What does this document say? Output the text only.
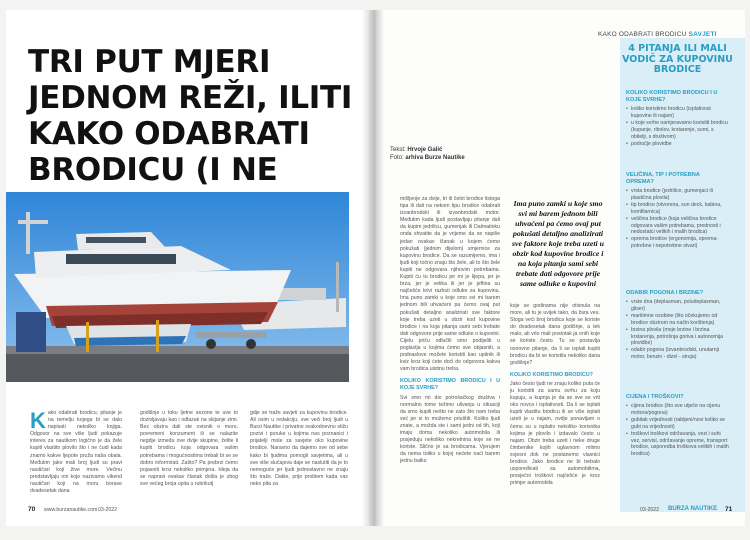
TRI PUT MJERI JEDNOM REŽI, ILITI KAKO ODABRATI BRODICU (I NE
Tekst: Hrvoje Galić
Foto: arhiva Burze Nautike

Kako odabrati brodicu, pitanje je na temelju kojega bi se dalo napisati nekoliko knjiga. Odgovor na sve više ljudi pokazuje interes za nautikom logično je da žele kupiti vlastito plovilo što i ne čudi kada znamo kakve ljepote pruža naša obala. Međutim jako mali broj ljudi su pravi nautičari koji žive more. Većinu predstavljaju oni koje nazivamo vikend nautičari koji na moru borave dvadesetak dana

godišnje u toku ljetne sezone te uve to dozivljavaju kao i odlazak na skijanje zimi. Bez obzira dali ste ovisnik o moru, povremeni konzument ili se nalazite negdje između ove dvije skupine, želite li kupiti brodicu koja odgovara vašim potrebama i mogućnostima trebali bi se se dobro informirati. Zašto? Pa prebrzi ćemo pojasniti kroz nekoliko primjera. Ideja da se napravi ovakav članak došla je zbog sve većeg broja upita u rubrikutj

gdje se traže savjeti za kupovinu brodice. Ali osim u redakciju, sve veći broj ljudi u Burzi Nautike i privatno svakodnevno stižu pozivi i poruke u kojima nas poznanici i prijatelji mole za savjete oko kupovine brodice. Naravno da dajemo sve od sebe kako bi ljudima pomogli savjetima, ali u sve više slučajeva daje se naslutiti da je to nemoguće jer ljudi jednostavno ne znaju što traže. Dakle, prije problem kada vas neko pita za

mišljenje za dvije, tri ili četiri brodice listoga tipa ili dali na nekom tipu brodice odabrati izvanbrodski ili izvanbrodski motor. Međutim kada ljudi postavljaju pitanje dali da kupim jedrilicu, gumenjak ili Dalmatinku onda shvatite da je vrijeme da se napiše jedan ovakav članak u kojem ćemo pokušati (jednim dijelom) smjernice za kupovinu brodice. Da se razumijemo, ima i ljudi koji točno znaju što žele, ali to što žele kupiti ne odgovara njihovim potrebama. Kupiti ću tu brodicu jer mi je lijepa, jer je brza, jer je velika ili jer je jeftina su najčešće krivi razlozi odluke za kupovinu. Ima puno zamki u koje smo svi mi barem jednom bili uhvaćeni pa ćemo ovaj put pokušati detaljno analizirati sve faktore koje treba uzeti u obzir kod kupovine brodice i na koja pitanja sami sebi trebate dati odgovore prije same odluke o kupovini. Cijelu priču odlučili smo podijeliti u poglavlja u kojima ćemo sve objasniti, a podnaslove možete koristiti kao upitnik ili kviz kroz koji ćete doći do odgovora kakva vam brodica uistinu treba.
KOLIKO KORISTIMO BRODICU I U KOJE SVRHE?
Svi smo mi dio potrošačkog društva i normalno tome težimo ulivanju u situaciji da smo kupili nešto ne zato što nam treba već jer si to možemo priuštiti. Koliko ljudi znate, a možda ste i sami jedni od tih, koji imaju doma nekoliko automobila ili posjeduju nekoliko nekretnina koje se ne koriste. Slično je sa brodicama. Vjerujem da nema toliko u kojoj nećete naći barem jednu balku

Ima puno zamki u koje smo svi mi barem jednom bili uhvaćeni pa ćemo ovaj put pokušati detaljno analizirati sve faktore koje treba uzeti u obzir kod kupovine brodice i na koja pitanja sami sebi trebate dati odgovore prije same odluke o kupovini

koje se godinama nije otisnula na more, ali tu je uvijek tako, da žara veu. Stoga veći broj brodica koje se koriste do dvadesetak dana godišnje, a tek malo, ali vrlo mali postotak ja onih koje se koriste često. Tu se postavlja osnovno pitanje, da li se isplati kupiti brodicu da bi se koristila nekoliko dana godišnje?
KOLIKO KORISTIMO BRODICU?
Jako često ljudi ne znaju koliko puta će ju koristiti za samu svrhu za koju kupuju, a kupnja je da se sve se vrti oko novca i isplativosti. Da li se isplati kupiti vlastitu brodicu ili se više isplati uzeti je u najam, ovdje ponavljam o čemu su u isplativ nekoliko korisnika kojima je plovilo i izdavalo često u najam. Obzir treba uzeti i neke druge čimbenike kojih uglavnom mlimo svjesni dok ne postanemo vlasnici brodice. Jako brodice ne bi trebalo uspoređivati sa automobilima, prosječni troškovi najčešće je kroz primjer automobila
KAKO ODABRATI BRODICU SAVJETI
4 PITANJA ILI MALI VODIČ ZA KUPOVINU BRODICE

KOLIKO KORISTIMO BRODICU I U KOJE SVRHE?

• koliko koristimo brodicu (isplativost kupovine ili najam)
• u koje svrhe namjeravamo koristiti brodicu (kupanje, ribolov, krstarenje, sumi, s obitelji, s društvom)
• područje plovidbe

VELIČINA, TIP I POTREBNA OPREMA?

• vrsta brodice (jedrilice, gumenjaci ili plastična plovila)
• tip brodice (otvorena, sun deck, kabina, komfilarnica)
• veličina brodice (koja veličina brodice odgovara vašim potrebama, prednosti i nedostatci velikih i malih brodica)
• oprema brodice (ergonomija, oprema-potrebne i nepotrebne stvari)

ODABIR POGONA I BRZINE?

• vrste dna (deplasman, poludeplasman, gliser)
• maritimne osobine (što očekujemo od brodice obzirom na način korištenja)
• brzina plovila (moje brzine i brzina krstarenja, potrošnja goriva i autonomija plovidbe)
• odabir pogona (izvanbrodski, unutarnji motor, benzin - dizel - struja)

CIJENA I TROŠKOVI?

• cijena brodice (što sve utječe na cijenu motora/pogona)
• gubitak vrijednosti (rabljeni/novi koliko se gubi na vrijednosti)
• troškovi troškovi održavanja, vezi i suhi vez, servisi, održavanje opreme, transport brodice, usporedba troškova velikih i malih brodica)
70 www.burzanautike.com 03-2022	03-2022 BURZA NAUTIKE 71
